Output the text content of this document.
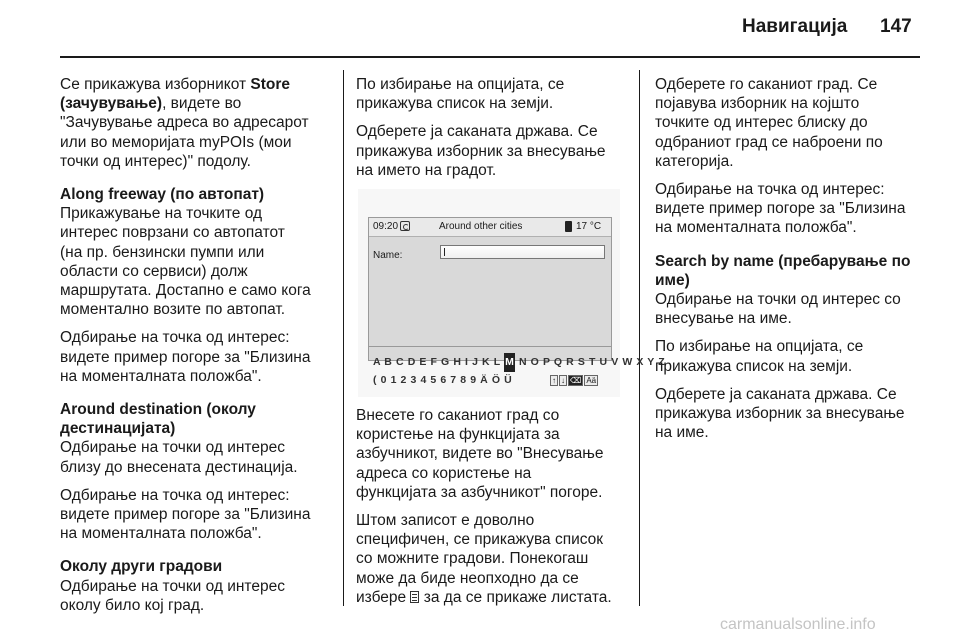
Навигација 147

Се прикажува изборникот Store
(зачувување), видете во
"Зачувување адреса во адресарот
или во меморијата myPOIs (мои
точки од интерес)" подолу.

Along freeway (по автопат)

Прикажување на точките од
интерес поврзани со автопатот
(на пр. бензински пумпи или
области со сервиси) долж
маршрутата. Достапно е само кога
моментално возите по автопат.

Одбирање на точка од интерес:
видете пример погоре за "Близина
на моменталната положба".

Around destination (околу
дестинацијата)

Одбирање на точки од интерес
близу до внесената дестинација.

Одбирање на точка од интерес:
видете пример погоре за "Близина
на моменталната положба".

Околу други градови

Одбирање на точки од интерес
околу било кој град.

По избирање на опцијата, се
прикажува список на земји.

Одберете ја саканата држава. Се
прикажува изборник за внесување
на името на градот.

09:20	Around other cities	17 °C
Name:
A B C D E F G H I J K L M N O P Q R S T U V W X Y Z
( 0 1 2 3 4 5 6 7 8 9 Ä Ö Ü	↑ ↓ ⌫ Aä

Внесете го саканиот град со
користење на функцијата за
азбучникот, видете во "Внесување
адреса со користење на
функцијата за азбучникот" погоре.

Штом записот е доволно
специфичен, се прикажува список
со можните градови. Понекогаш
може да биде неопходно да се
избере  за да се прикаже листата.

Одберете го саканиот град. Се
појавува изборник на којшто
точките од интерес блиску до
одбраниот град се наброени по
категорија.

Одбирање на точка од интерес:
видете пример погоре за "Близина
на моменталната положба".

Search by name (пребарување по
име)

Одбирање на точки од интерес со
внесување на име.

По избирање на опцијата, се
прикажува список на земји.

Одберете ја саканата држава. Се
прикажува изборник за внесување
на име.

carmanualsonline.info
